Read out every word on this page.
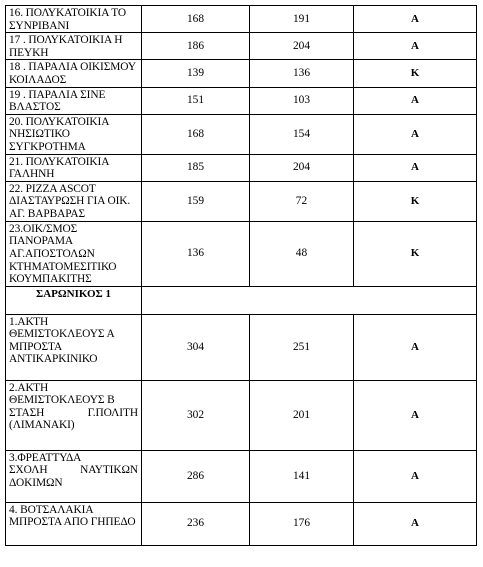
16. ΠΟΛΥΚΑΤΟΙΚΙΑ ΤΟ
ΣΥΝΡΙΒΑΝΙ	168	191	Α

17 . ΠΟΛΥΚΑΤΟΙΚΙΑ Η
ΠΕΥΚΗ	186	204	Α

18 . ΠΑΡΑΛΙΑ ΟΙΚΙΣΜΟΥ
ΚΟΙΛΑΔΟΣ	139	136	Κ

19 . ΠΑΡΑΛΙΑ ΣΙΝΕ
ΒΛΑΣΤΟΣ	151	103	Α

20. ΠΟΛΥΚΑΤΟΙΚΙΑ
ΝΗΣΙΩΤΙΚΟ
ΣΥΓΚΡΟΤΗΜΑ	168	154	Α

21. ΠΟΛΥΚΑΤΟΙΚΙΑ
ΓΑΛΗΝΗ	185	204	Α

22. PIZZA ASCOT
ΔΙΑΣΤΑΥΡΩΣΗ ΓΙΑ ΟΙΚ.
ΑΓ. ΒΑΡΒΑΡΑΣ	159	72	Κ

23.ΟΙΚ/ΣΜΟΣ
ΠΑΝΟΡΑΜΑ
ΑΓ.ΑΠΟΣΤΟΛΩΝ
ΚΤΗΜΑΤΟΜΕΣΙΤΙΚΟ
ΚΟΥΜΠΑΚΙΤΗΣ	136	48	Κ
ΣΑΡΩΝΙΚΟΣ 1			

1.ΑΚΤΗ
ΘΕΜΙΣΤΟΚΛΕΟΥΣ Α
ΜΠΡΟΣΤΑ
ΑΝΤΙΚΑΡΚΙΝΙΚΟ	304	251	Α

2.ΑΚΤΗ
ΘΕΜΙΣΤΟΚΛΕΟΥΣ Β
ΣΤΑΣΗ Γ.ΠΟΛΙΤΗ
(ΛΙΜΑΝΑΚΙ)	302	201	Α

3.ΦΡΕΑΤΤΥΔΑ
ΣΧΟΛΗ ΝΑΥΤΙΚΩΝ
ΔΟΚΙΜΩΝ	286	141	Α

4. ΒΟΤΣΑΛΑΚΙΑ
ΜΠΡΟΣΤΑ ΑΠΟ ΓΗΠΕΔΟ	236	176	Α
